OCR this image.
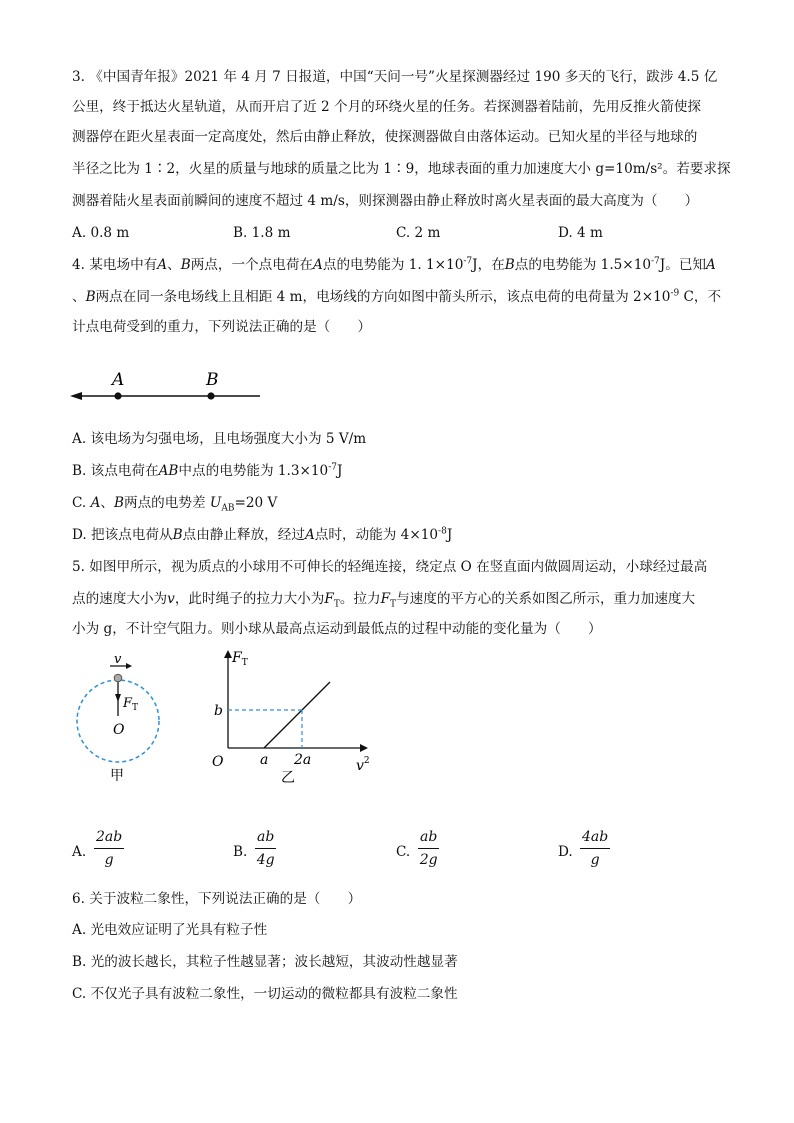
3. 《中国青年报》2021 年 4 月 7 日报道，中国“天问一号”火星探测器经过 190 多天的飞行，跋涉 4.5 亿
公里，终于抵达火星轨道，从而开启了近 2 个月的环绕火星的任务。若探测器着陆前，先用反推火箭使探
测器停在距火星表面一定高度处，然后由静止释放，使探测器做自由落体运动。已知火星的半径与地球的
半径之比为 1∶2，火星的质量与地球的质量之比为 1∶9，地球表面的重力加速度大小 g=10m/s²。若要求探
测器着陆火星表面前瞬间的速度不超过 4 m/s，则探测器由静止释放时离火星表面的最大高度为（　　）
A. 0.8 m	B. 1.8 m	C. 2 m	D. 4 m
4. 某电场中有A、B两点，一个点电荷在A点的电势能为 1. $1\times 10^{-7}J$，在B点的电势能为 $1.5\times 10^{-7}J$。已知A
、B两点在同一条电场线上且相距 4 m，电场线的方向如图中箭头所示，该点电荷的电荷量为 $2\times 10^{-9}$ C，不
计点电荷受到的重力，下列说法正确的是（　　）
A	B
A. 该电场为匀强电场，且电场强度大小为 5 V/m
B. 该点电荷在AB中点的电势能为 $1.3\times 10^{-7}J$
C. A、B两点的电势差 $U_{AB}=20$ V
D. 把该点电荷从B点由静止释放，经过A点时，动能为 $4\times 10^{-8}J$
5. 如图甲所示，视为质点的小球用不可伸长的轻绳连接，绕定点 O 在竖直面内做圆周运动，小球经过最高
点的速度大小为v，此时绳子的拉力大小为$F_T$。拉力$F_T$与速度的平方心的关系如图乙所示，重力加速度大
小为 g，不计空气阻力。则小球从最高点运动到最低点的过程中动能的变化量为（　　）
v
$F_T$
O
甲
$F_T$
b
O	a 2a	$v^2$
乙
A.
2ab
g	B.
ab
4g	C.
ab
2g	D.
4ab
g
6. 关于波粒二象性，下列说法正确的是（　　）
A. 光电效应证明了光具有粒子性
B. 光的波长越长，其粒子性越显著；波长越短，其波动性越显著
C. 不仅光子具有波粒二象性，一切运动的微粒都具有波粒二象性
